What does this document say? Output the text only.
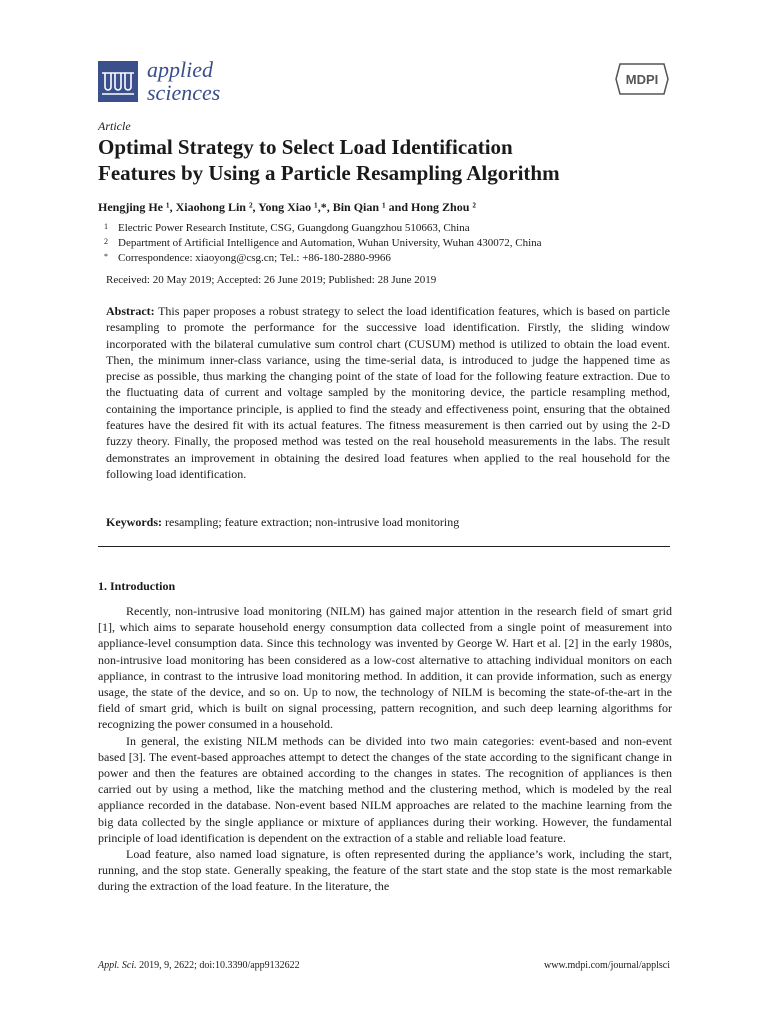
applied
sciences
MDPI
Article
Optimal Strategy to Select Load Identification
Features by Using a Particle Resampling Algorithm
Hengjing He ¹, Xiaohong Lin ², Yong Xiao ¹,*, Bin Qian ¹ and Hong Zhou ²
1 Electric Power Research Institute, CSG, Guangdong Guangzhou 510663, China
2 Department of Artificial Intelligence and Automation, Wuhan University, Wuhan 430072, China
* Correspondence: xiaoyong@csg.cn; Tel.: +86-180-2880-9966
Received: 20 May 2019; Accepted: 26 June 2019; Published: 28 June 2019

Abstract: This paper proposes a robust strategy to select the load identification features, which is based on particle resampling to promote the performance for the successive load identification. Firstly, the sliding window incorporated with the bilateral cumulative sum control chart (CUSUM) method is utilized to obtain the load event. Then, the minimum inner-class variance, using the time-serial data, is introduced to judge the happened time as precise as possible, thus marking the changing point of the state of load for the following feature extraction. Due to the fluctuating data of current and voltage sampled by the monitoring device, the particle resampling method, containing the importance principle, is applied to find the steady and effectiveness point, ensuring that the obtained features have the desired fit with its actual features. The fitness measurement is then carried out by using the 2-D fuzzy theory. Finally, the proposed method was tested on the real household measurements in the labs. The result demonstrates an improvement in obtaining the desired load features when applied to the real household for the following load identification.

Keywords: resampling; feature extraction; non-intrusive load monitoring
1. Introduction

Recently, non-intrusive load monitoring (NILM) has gained major attention in the research field of smart grid [1], which aims to separate household energy consumption data collected from a single point of measurement into appliance-level consumption data. Since this technology was invented by George W. Hart et al. [2] in the early 1980s, non-intrusive load monitoring has been considered as a low-cost alternative to attaching individual monitors on each appliance, in contrast to the intrusive load monitoring method. In addition, it can provide information, such as energy usage, the state of the device, and so on. Up to now, the technology of NILM is becoming the state-of-the-art in the field of smart grid, which is built on signal processing, pattern recognition, and such deep learning algorithms for recognizing the power consumed in a household.

In general, the existing NILM methods can be divided into two main categories: event-based and non-event based [3]. The event-based approaches attempt to detect the changes of the state according to the significant change in power and then the features are obtained according to the changes in states. The recognition of appliances is then carried out by using a method, like the matching method and the clustering method, which is modeled by the real appliance recorded in the database. Non-event based NILM approaches are related to the machine learning from the big data collected by the single appliance or mixture of appliances during their working. However, the fundamental principle of load identification is dependent on the extraction of a stable and reliable load feature.

Load feature, also named load signature, is often represented during the appliance’s work, including the start, running, and the stop state. Generally speaking, the feature of the start state and the stop state is the most remarkable during the extraction of the load feature. In the literature, the

Appl. Sci. 2019, 9, 2622; doi:10.3390/app9132622	www.mdpi.com/journal/applsci
